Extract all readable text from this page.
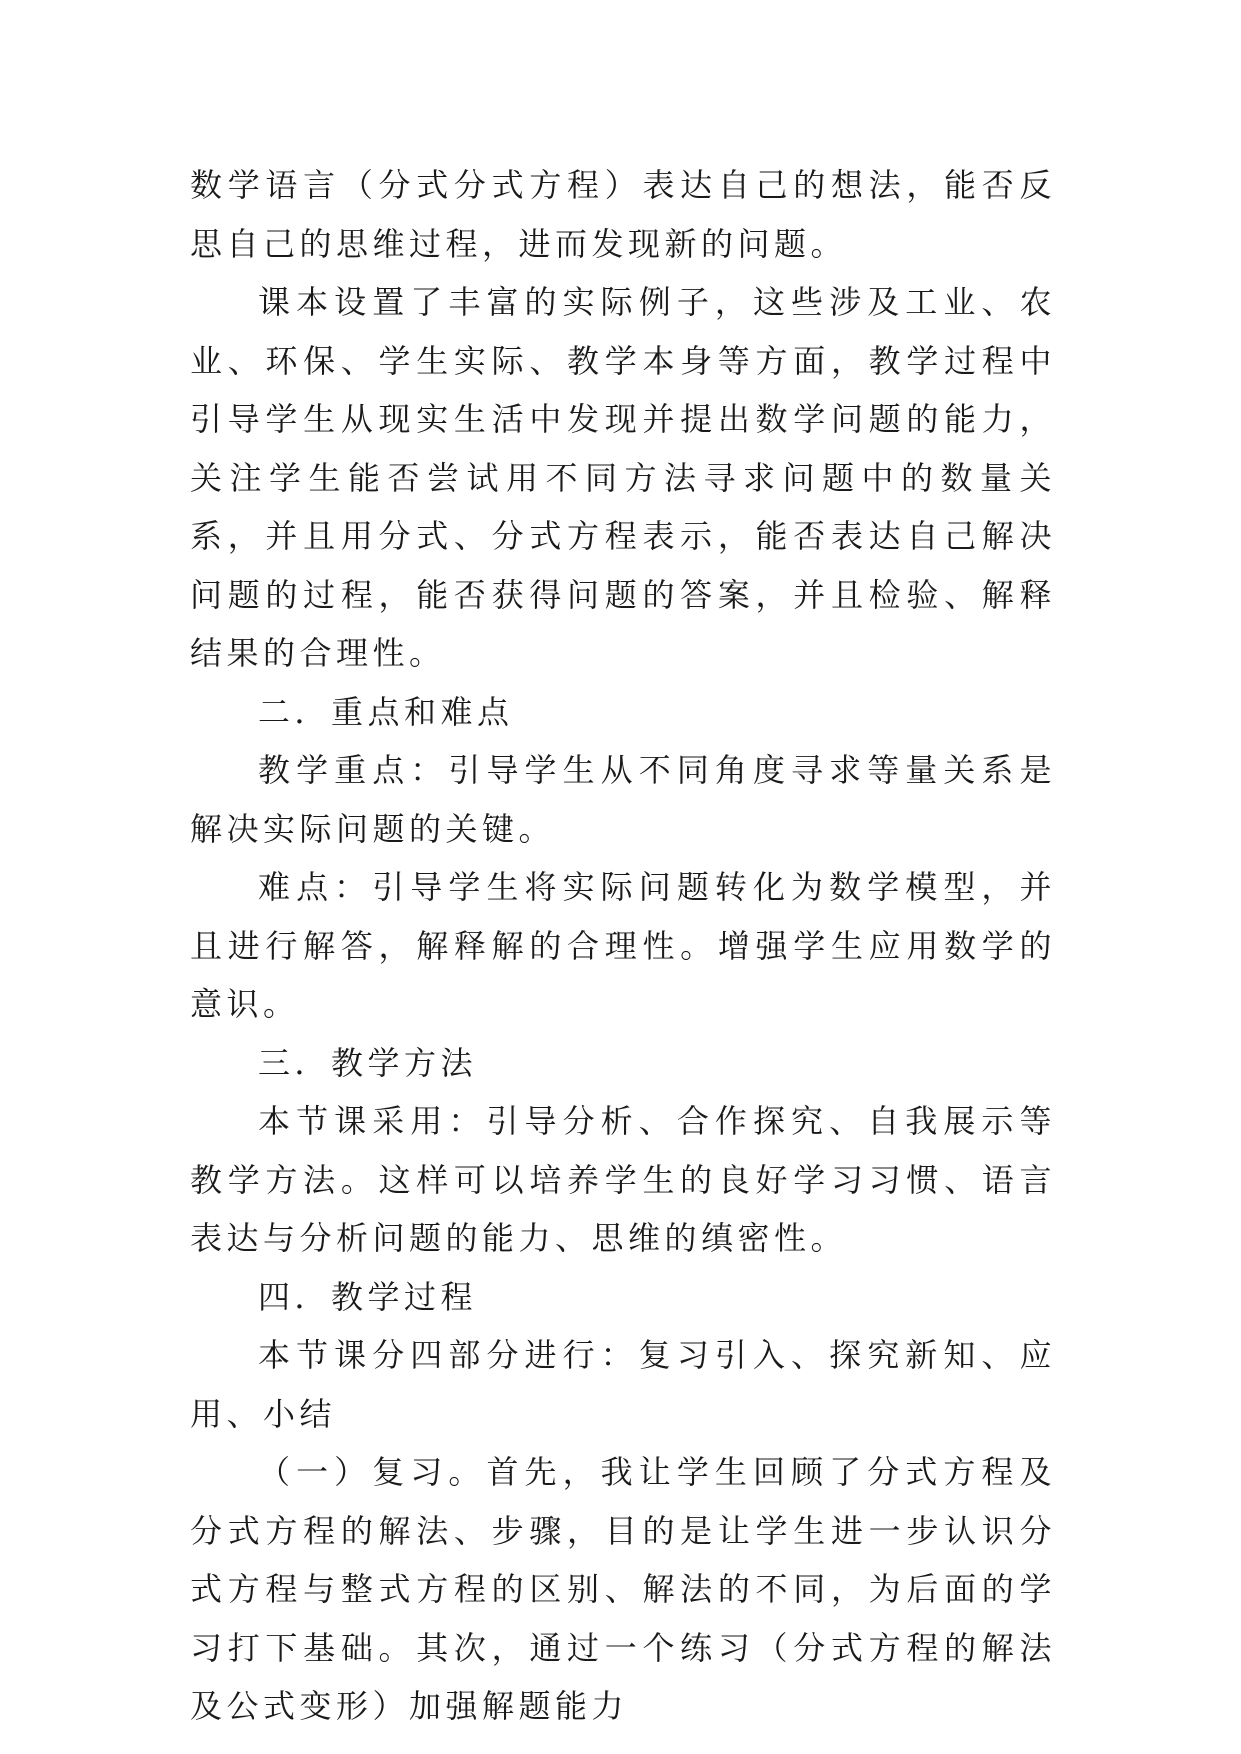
数学语言（分式分式方程）表达自己的想法，能否反思自己的思维过程，进而发现新的问题。

课本设置了丰富的实际例子，这些涉及工业、农业、环保、学生实际、教学本身等方面，教学过程中引导学生从现实生活中发现并提出数学问题的能力，关注学生能否尝试用不同方法寻求问题中的数量关系，并且用分式、分式方程表示，能否表达自己解决问题的过程，能否获得问题的答案，并且检验、解释结果的合理性。

二．重点和难点

教学重点：引导学生从不同角度寻求等量关系是解决实际问题的关键。

难点：引导学生将实际问题转化为数学模型，并且进行解答，解释解的合理性。增强学生应用数学的意识。

三．教学方法

本节课采用：引导分析、合作探究、自我展示等教学方法。这样可以培养学生的良好学习习惯、语言表达与分析问题的能力、思维的缜密性。

四．教学过程

本节课分四部分进行：复习引入、探究新知、应用、小结

（一）复习。首先，我让学生回顾了分式方程及分式方程的解法、步骤，目的是让学生进一步认识分式方程与整式方程的区别、解法的不同，为后面的学习打下基础。其次，通过一个练习（分式方程的解法及公式变形）加强解题能力
